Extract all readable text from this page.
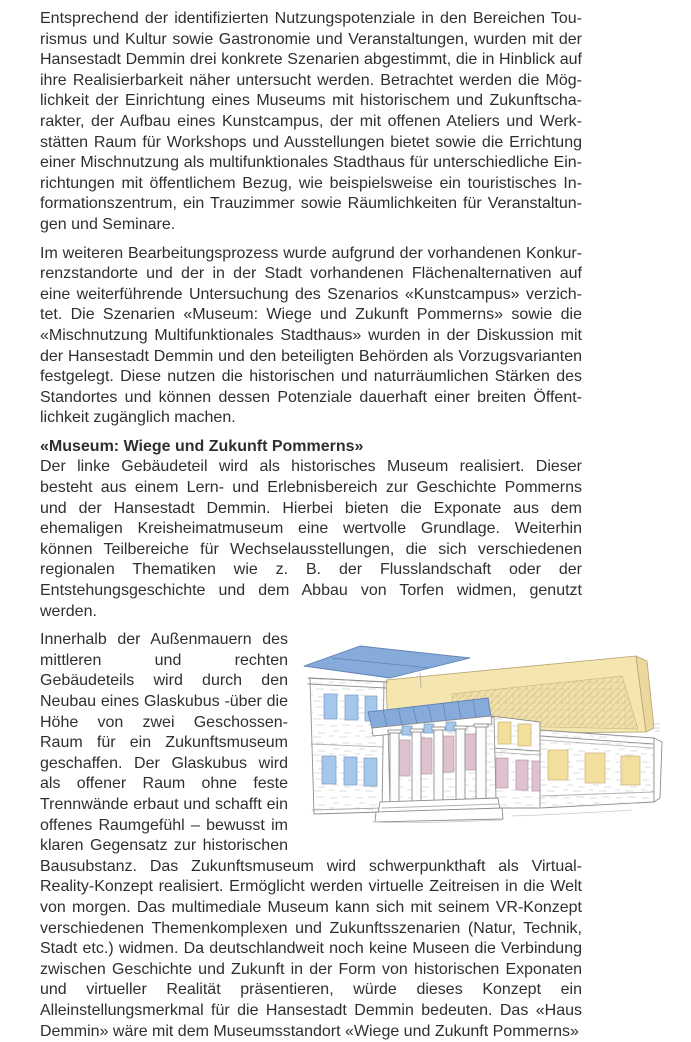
Entsprechend der identifizierten Nutzungspotenziale in den Bereichen Tourismus und Kultur sowie Gastronomie und Veranstaltungen, wurden mit der Hansestadt Demmin drei konkrete Szenarien abgestimmt, die in Hinblick auf ihre Realisierbarkeit näher untersucht werden. Betrachtet werden die Möglichkeit der Einrichtung eines Museums mit historischem und Zukunftscharakter, der Aufbau eines Kunstcampus, der mit offenen Ateliers und Werkstätten Raum für Workshops und Ausstellungen bietet sowie die Errichtung einer Mischnutzung als multifunktionales Stadthaus für unterschiedliche Einrichtungen mit öffentlichem Bezug, wie beispielsweise ein touristisches Informationszentrum, ein Trauzimmer sowie Räumlichkeiten für Veranstaltungen und Seminare.

Im weiteren Bearbeitungsprozess wurde aufgrund der vorhandenen Konkurrenzstandorte und der in der Stadt vorhandenen Flächenalternativen auf eine weiterführende Untersuchung des Szenarios «Kunstcampus» verzichtet. Die Szenarien «Museum: Wiege und Zukunft Pommerns» sowie die «Mischnutzung Multifunktionales Stadthaus» wurden in der Diskussion mit der Hansestadt Demmin und den beteiligten Behörden als Vorzugsvarianten festgelegt. Diese nutzen die historischen und naturräumlichen Stärken des Standortes und können dessen Potenziale dauerhaft einer breiten Öffentlichkeit zugänglich machen.

«Museum: Wiege und Zukunft Pommerns»

Der linke Gebäudeteil wird als historisches Museum realisiert. Dieser besteht aus einem Lern- und Erlebnisbereich zur Geschichte Pommerns und der Hansestadt Demmin. Hierbei bieten die Exponate aus dem ehemaligen Kreisheimatmuseum eine wertvolle Grundlage. Weiterhin können Teilbereiche für Wechselausstellungen, die sich verschiedenen regionalen Thematiken wie z. B. der Flusslandschaft oder der Entstehungsgeschichte und dem Abbau von Torfen widmen, genutzt werden.

Innerhalb der Außenmauern des mittleren und rechten Gebäudeteils wird durch den Neubau eines Glaskubus -über die Höhe von zwei Geschossen- Raum für ein Zukunftsmuseum geschaffen. Der Glaskubus wird als offener Raum ohne feste Trennwände erbaut und schafft ein offenes Raumgefühl – bewusst im klaren Gegensatz zur historischen Bausubstanz. Das Zukunftsmuseum wird schwerpunkthaft als Virtual-Reality-Konzept realisiert. Ermöglicht werden virtuelle Zeitreisen in die Welt von morgen. Das multimediale Museum kann sich mit seinem VR-Konzept verschiedenen Themenkomplexen und Zukunftsszenarien (Natur, Technik, Stadt etc.) widmen. Da deutschlandweit noch keine Museen die Verbindung zwischen Geschichte und Zukunft in der Form von historischen Exponaten und virtueller Realität präsentieren, würde dieses Konzept ein Alleinstellungsmerkmal für die Hansestadt Demmin bedeuten. Das «Haus Demmin» wäre mit dem Museumsstandort «Wiege und Zukunft Pommerns»
